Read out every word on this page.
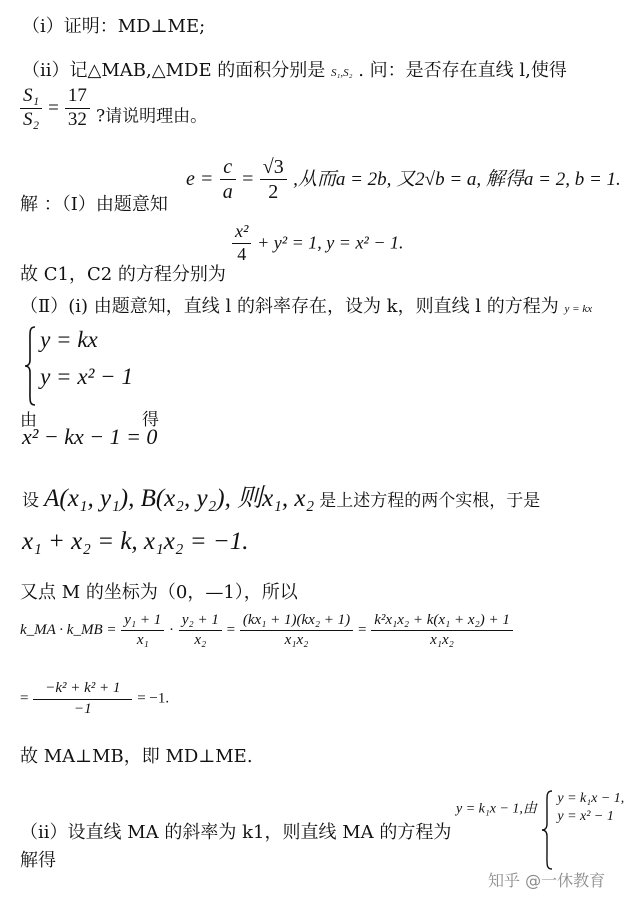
（i）证明：MD⊥ME;
（ii）记△MAB,△MDE 的面积分别是 S₁,S₂ . 问：是否存在直线 l,使得
$\frac{\text{S₁}}{\text{S₂}} = \frac{17}{32}$ ?请说明理由。
$e = \frac{c}{a} = \frac{√3}{2}$ ,从而a = 2b, 又2√b = a, 解得a = 2, b = 1.
解 ：（Ⅰ）由题意知
$\frac{\text{x²}}{4} + y^2 = 1$, y = x² − 1.
故 C1，C2 的方程分别为
（Ⅱ）(i) 由题意知，直线 l 的斜率存在，设为 k，则直线 l 的方程为 y = kx
由
y = kx
y = x² − 1
得
x² − kx − 1 = 0
设 A(x₁, y₁), B(x₂, y₂), 则x₁, x₂ 是上述方程的两个实根，于是
x₁ + x₂ = k, x₁x₂ = −1.
又点 M 的坐标为（0，—1），所以
k_MA · k_MB = $\frac{\text{y₁ + 1}}{\text{x₁}} \cdot \frac{\text{y₂ + 1}}{\text{x₂}} = \frac{\text{(kx₁ + 1)(kx₂ + 1)}}{\text{x₁x₂}} = \frac{\text{k²x₁x₂ + k(x₁ + x₂) + 1}}{\text{x₁x₂}}$
= $\frac{\text{−k² + k² + 1}}{-1} = -1$.
故 MA⊥MB，即 MD⊥ME.
y = k₁x − 1,由
y = k₁x − 1,
y = x² − 1
（ii）设直线 MA 的斜率为 k1，则直线 MA 的方程为
解得
知乎 @一休教育
